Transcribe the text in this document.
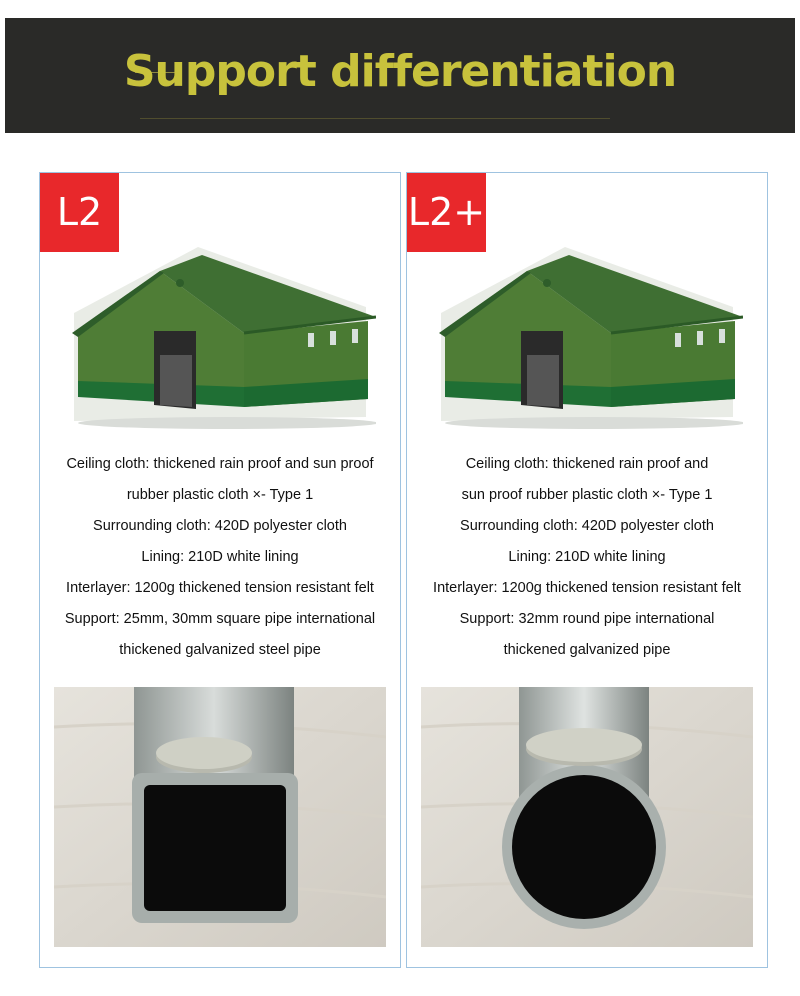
Support differentiation
L2
Ceiling cloth: thickened rain proof and sun proof
rubber plastic cloth ×- Type 1
Surrounding cloth: 420D polyester cloth
Lining: 210D white lining
Interlayer: 1200g thickened tension resistant felt
Support: 25mm, 30mm square pipe international
thickened galvanized steel pipe
L2+
Ceiling cloth: thickened rain proof and
sun proof rubber plastic cloth ×- Type 1
Surrounding cloth: 420D polyester cloth
Lining: 210D white lining
Interlayer: 1200g thickened tension resistant felt
Support: 32mm round pipe international
thickened galvanized pipe
